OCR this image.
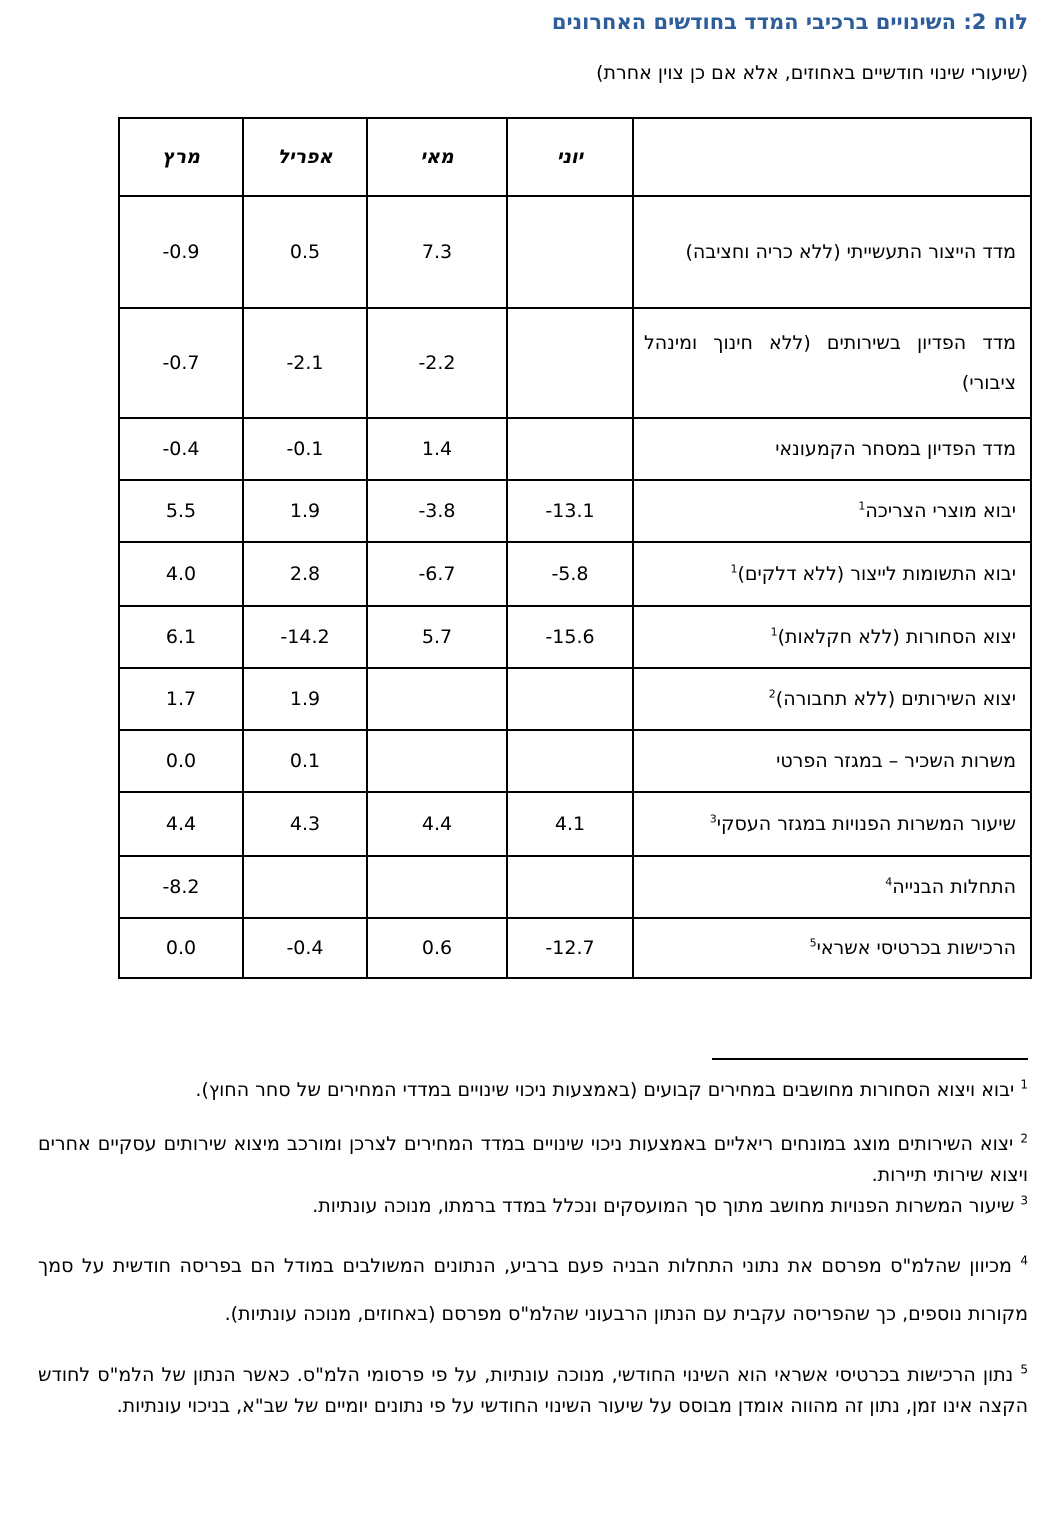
לוח 2: השינויים ברכיבי המדד בחודשים האחרונים
(שיעורי שינוי חודשיים באחוזים, אלא אם כן צוין אחרת)
	יוני	מאי	אפריל	מרץ
מדד הייצור התעשייתי (ללא כריה וחציבה)		7.3	0.5	-0.9
מדד הפדיון בשירותים (ללא חינוך ומינהל ציבורי)		-2.2	-2.1	-0.7
מדד הפדיון במסחר הקמעונאי		1.4	-0.1	-0.4
יבוא מוצרי הצריכה$^1$	-13.1	-3.8	1.9	5.5
יבוא התשומות לייצור (ללא דלקים)$^1$	-5.8	-6.7	2.8	4.0
יצוא הסחורות (ללא חקלאות)$^1$	-15.6	5.7	-14.2	6.1
יצוא השירותים (ללא תחבורה)$^2$			1.9	1.7
משרות השכיר – במגזר הפרטי			0.1	0.0
שיעור המשרות הפנויות במגזר העסקי$^3$	4.1	4.4	4.3	4.4
התחלות הבנייה$^4$				-8.2
הרכישות בכרטיסי אשראי$^5$	-12.7	0.6	-0.4	0.0
$^1$ יבוא ויצוא הסחורות מחושבים במחירים קבועים (באמצעות ניכוי שינויים במדדי המחירים של סחר החוץ).
$^2$ יצוא השירותים מוצג במונחים ריאליים באמצעות ניכוי שינויים במדד המחירים לצרכן ומורכב מיצוא שירותים עסקיים אחרים ויצוא שירותי תיירות.
$^3$ שיעור המשרות הפנויות מחושב מתוך סך המועסקים ונכלל במדד ברמתו, מנוכה עונתיות.
$^4$ מכיוון שהלמ"ס מפרסם את נתוני התחלות הבניה פעם ברביע, הנתונים המשולבים במודל הם בפריסה חודשית על סמך מקורות נוספים, כך שהפריסה עקבית עם הנתון הרבעוני שהלמ"ס מפרסם (באחוזים, מנוכה עונתיות).
$^5$ נתון הרכישות בכרטיסי אשראי הוא השינוי החודשי, מנוכה עונתיות, על פי פרסומי הלמ"ס. כאשר הנתון של הלמ"ס לחודש הקצה אינו זמן, נתון זה מהווה אומדן מבוסס על שיעור השינוי החודשי על פי נתונים יומיים של שב"א, בניכוי עונתיות.
